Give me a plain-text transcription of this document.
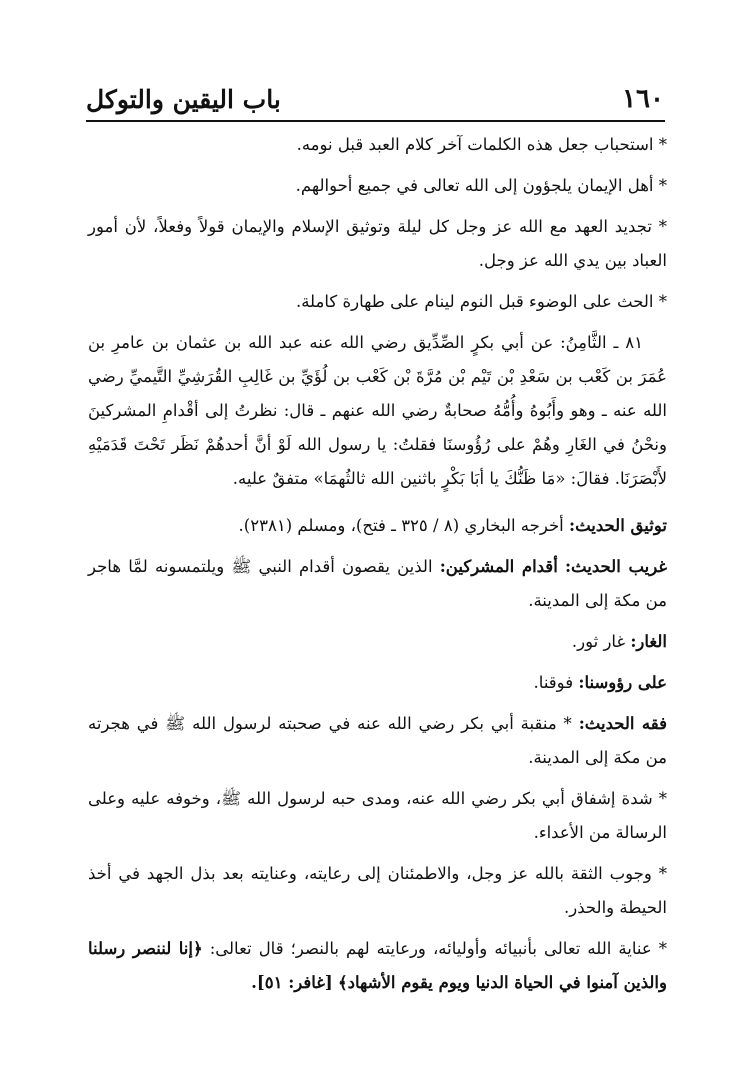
١٦٠
باب اليقين والتوكل

* استحباب جعل هذه الكلمات آخر كلام العبد قبل نومه.

* أهل الإيمان يلجؤون إلى الله تعالى في جميع أحوالهم.

* تجديد العهد مع الله عز وجل كل ليلة وتوثيق الإسلام والإيمان قولاً وفعلاً، لأن أمور العباد بين يدي الله عز وجل.

* الحث على الوضوء قبل النوم لينام على طهارة كاملة.

٨١ ـ الثَّامِنُ: عن أبي بكرٍ الصِّدِّيق رضي الله عنه عبد الله بن عثمان بن عامرِ بن عُمَرَ بن كَعْب بن سَعْدِ بْن تَيْم بْن مُرَّةَ بْن كَعْب بن لُؤَيِّ بن غَالِبِ القُرَشِيِّ التَّيميِّ رضي الله عنه ـ وهو وأَبُوهُ وأُمُّهُ صحابةٌ رضي الله عنهم ـ قال: نظرتُ إلى أقْدامِ المشركينَ ونحْنُ في الغَارِ وهُمْ على رُؤُوسنَا فقلتُ: يا رسول الله لَوْ أنَّ أحدهُمْ نَظَر تَحْتَ قَدَمَيْهِ لأَبْصَرَنَا. فقالَ: «مَا ظَنُّكَ يا أبَا بَكْرٍ باثنين الله ثالثُهمَا» متفقٌ عليه.

توثيق الحديث: أخرجه البخاري (٨ / ٣٢٥ ـ فتح)، ومسلم (٢٣٨١).

غريب الحديث: أقدام المشركين: الذين يقصون أقدام النبي ﷺ ويلتمسونه لمَّا هاجر من مكة إلى المدينة.

الغار: غار ثور.

على رؤوسنا: فوقنا.

فقه الحديث: * منقبة أبي بكر رضي الله عنه في صحبته لرسول الله ﷺ في هجرته من مكة إلى المدينة.

* شدة إشفاق أبي بكر رضي الله عنه، ومدى حبه لرسول الله ﷺ، وخوفه عليه وعلى الرسالة من الأعداء.

* وجوب الثقة بالله عز وجل، والاطمئنان إلى رعايته، وعنايته بعد بذل الجهد في أخذ الحيطة والحذر.

* عناية الله تعالى بأنبيائه وأوليائه، ورعايته لهم بالنصر؛ قال تعالى: ﴿إنا لننصر رسلنا والذين آمنوا في الحياة الدنيا ويوم يقوم الأشهاد﴾ [غافر: ٥١].
